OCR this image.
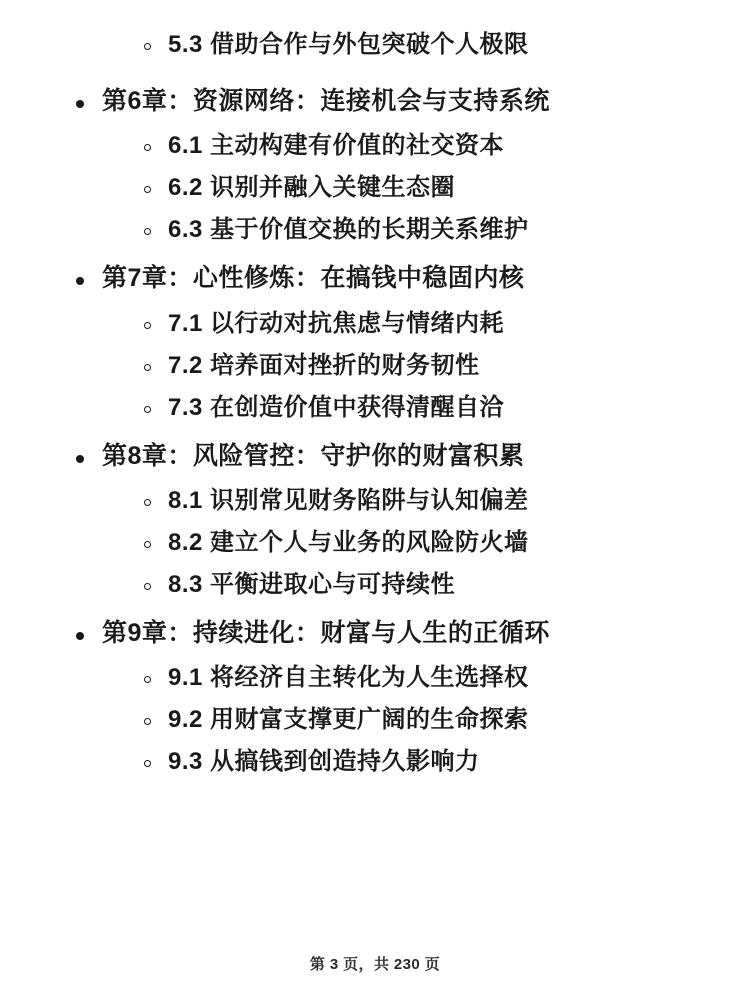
5.3 借助合作与外包突破个人极限
第6章：资源网络：连接机会与支持系统
6.1 主动构建有价值的社交资本
6.2 识别并融入关键生态圈
6.3 基于价值交换的长期关系维护
第7章：心性修炼：在搞钱中稳固内核
7.1 以行动对抗焦虑与情绪内耗
7.2 培养面对挫折的财务韧性
7.3 在创造价值中获得清醒自洽
第8章：风险管控：守护你的财富积累
8.1 识别常见财务陷阱与认知偏差
8.2 建立个人与业务的风险防火墙
8.3 平衡进取心与可持续性
第9章：持续进化：财富与人生的正循环
9.1 将经济自主转化为人生选择权
9.2 用财富支撑更广阔的生命探索
9.3 从搞钱到创造持久影响力
第 3 页，共 230 页
